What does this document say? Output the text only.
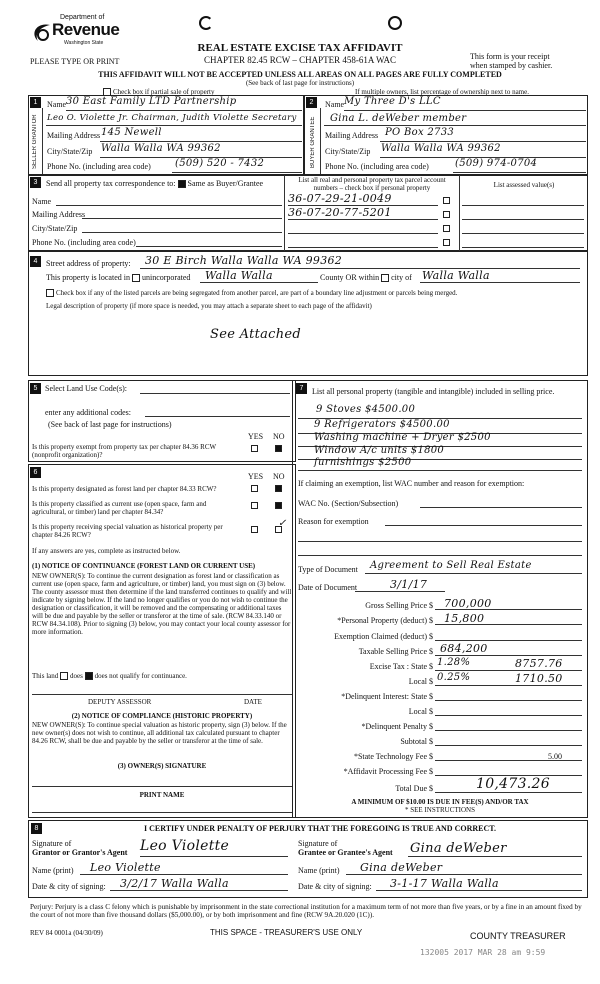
Department of
Revenue
Washington State
PLEASE TYPE OR PRINT
REAL ESTATE EXCISE TAX AFFIDAVIT
CHAPTER 82.45 RCW – CHAPTER 458-61A WAC	This form is your receipt
when stamped by cashier.
THIS AFFIDAVIT WILL NOT BE ACCEPTED UNLESS ALL AREAS ON ALL PAGES ARE FULLY COMPLETED
(See back of last page for instructions)
Check box if partial sale of property	If multiple owners, list percentage of ownership next to name.
1	2
SELLER GRANTOR	BUYER GRANTEE
Name 30 East Family LTD Partnership
Leo O. Violette Jr. Chairman, Judith Violette Secretary
Mailing Address 145 Newell
City/State/Zip Walla Walla WA 99362
Phone No. (including area code) (509) 520 - 7432
Name My Three D's LLC
Gina L. deWeber member
Mailing Address PO Box 2733
City/State/Zip Walla Walla WA 99362
Phone No. (including area code)	(509) 974-0704
3	Send all property tax correspondence to: Same as Buyer/Grantee	List all real and personal property tax parcel account numbers – check box if personal property	List assessed value(s)
Name
Mailing Address
City/State/Zip
Phone No. (including area code)
36-07-29-21-0049
36-07-20-77-5201
4	Street address of property: 30 E Birch Walla Walla WA 99362
This property is located in unincorporated Walla Walla	County OR within city of Walla Walla
Check box if any of the listed parcels are being segregated from another parcel, are part of a boundary line adjustment or parcels being merged.
Legal description of property (if more space is needed, you may attach a separate sheet to each page of the affidavit)
See Attached
5 Select Land Use Code(s):
enter any additional codes:
(See back of last page for instructions)
YES NO
Is this property exempt from property tax per chapter 84.36 RCW (nonprofit organization)?
6	YES NO
Is this property designated as forest land per chapter 84.33 RCW?
Is this property classified as current use (open space, farm and agricultural, or timber) land per chapter 84.34?
Is this property receiving special valuation as historical property per chapter 84.26 RCW?
✓
If any answers are yes, complete as instructed below.
(1) NOTICE OF CONTINUANCE (FOREST LAND OR CURRENT USE)
NEW OWNER(S): To continue the current designation as forest land or classification as current use (open space, farm and agriculture, or timber) land, you must sign on (3) below. The county assessor must then determine if the land transferred continues to qualify and will indicate by signing below. If the land no longer qualifies or you do not wish to continue the designation or classification, it will be removed and the compensating or additional taxes will be due and payable by the seller or transferor at the time of sale. (RCW 84.33.140 or RCW 84.34.108). Prior to signing (3) below, you may contact your local county assessor for more information.
This land does does not qualify for continuance.
DEPUTY ASSESSOR	DATE
(2) NOTICE OF COMPLIANCE (HISTORIC PROPERTY)
NEW OWNER(S): To continue special valuation as historic property, sign (3) below. If the new owner(s) does not wish to continue, all additional tax calculated pursuant to chapter 84.26 RCW, shall be due and payable by the seller or transferor at the time of sale.
(3) OWNER(S) SIGNATURE
PRINT NAME
7	List all personal property (tangible and intangible) included in selling price.
9 Stoves $4500.00
9 Refrigerators $4500.00
Washing machine + Dryer $2500
Window A/c units $1800
furnishings $2500
If claiming an exemption, list WAC number and reason for exemption:
WAC No. (Section/Subsection)
Reason for exemption
Type of Document Agreement to Sell Real Estate
Date of Document	3/1/17
Gross Selling Price $ 700,000
*Personal Property (deduct) $ 15,800
Exemption Claimed (deduct) $
Taxable Selling Price $ 684,200
Excise Tax : State $ 1.28%	8757.76
Local $ 0.25%	1710.50
*Delinquent Interest: State $
Local $
*Delinquent Penalty $
Subtotal $
*State Technology Fee $	5.00
*Affidavit Processing Fee $
Total Due $	10,473.26
A MINIMUM OF $10.00 IS DUE IN FEE(S) AND/OR TAX
* SEE INSTRUCTIONS
8	I CERTIFY UNDER PENALTY OF PERJURY THAT THE FOREGOING IS TRUE AND CORRECT.
Signature of
Grantor or Grantor's Agent Leo Violette
Name (print) Leo Violette
Date & city of signing: 3/2/17 Walla Walla
Signature of
Grantee or Grantee's Agent Gina deWeber
Name (print) Gina deWeber
Date & city of signing: 3-1-17 Walla Walla
Perjury: Perjury is a class C felony which is punishable by imprisonment in the state correctional institution for a maximum term of not more than five years, or by a fine in an amount fixed by the court of not more than five thousand dollars ($5,000.00), or by both imprisonment and fine (RCW 9A.20.020 (1C)).
REV 84 0001a (04/30/09)	THIS SPACE - TREASURER'S USE ONLY	COUNTY TREASURER
132005 2017 MAR 28 am 9:59
